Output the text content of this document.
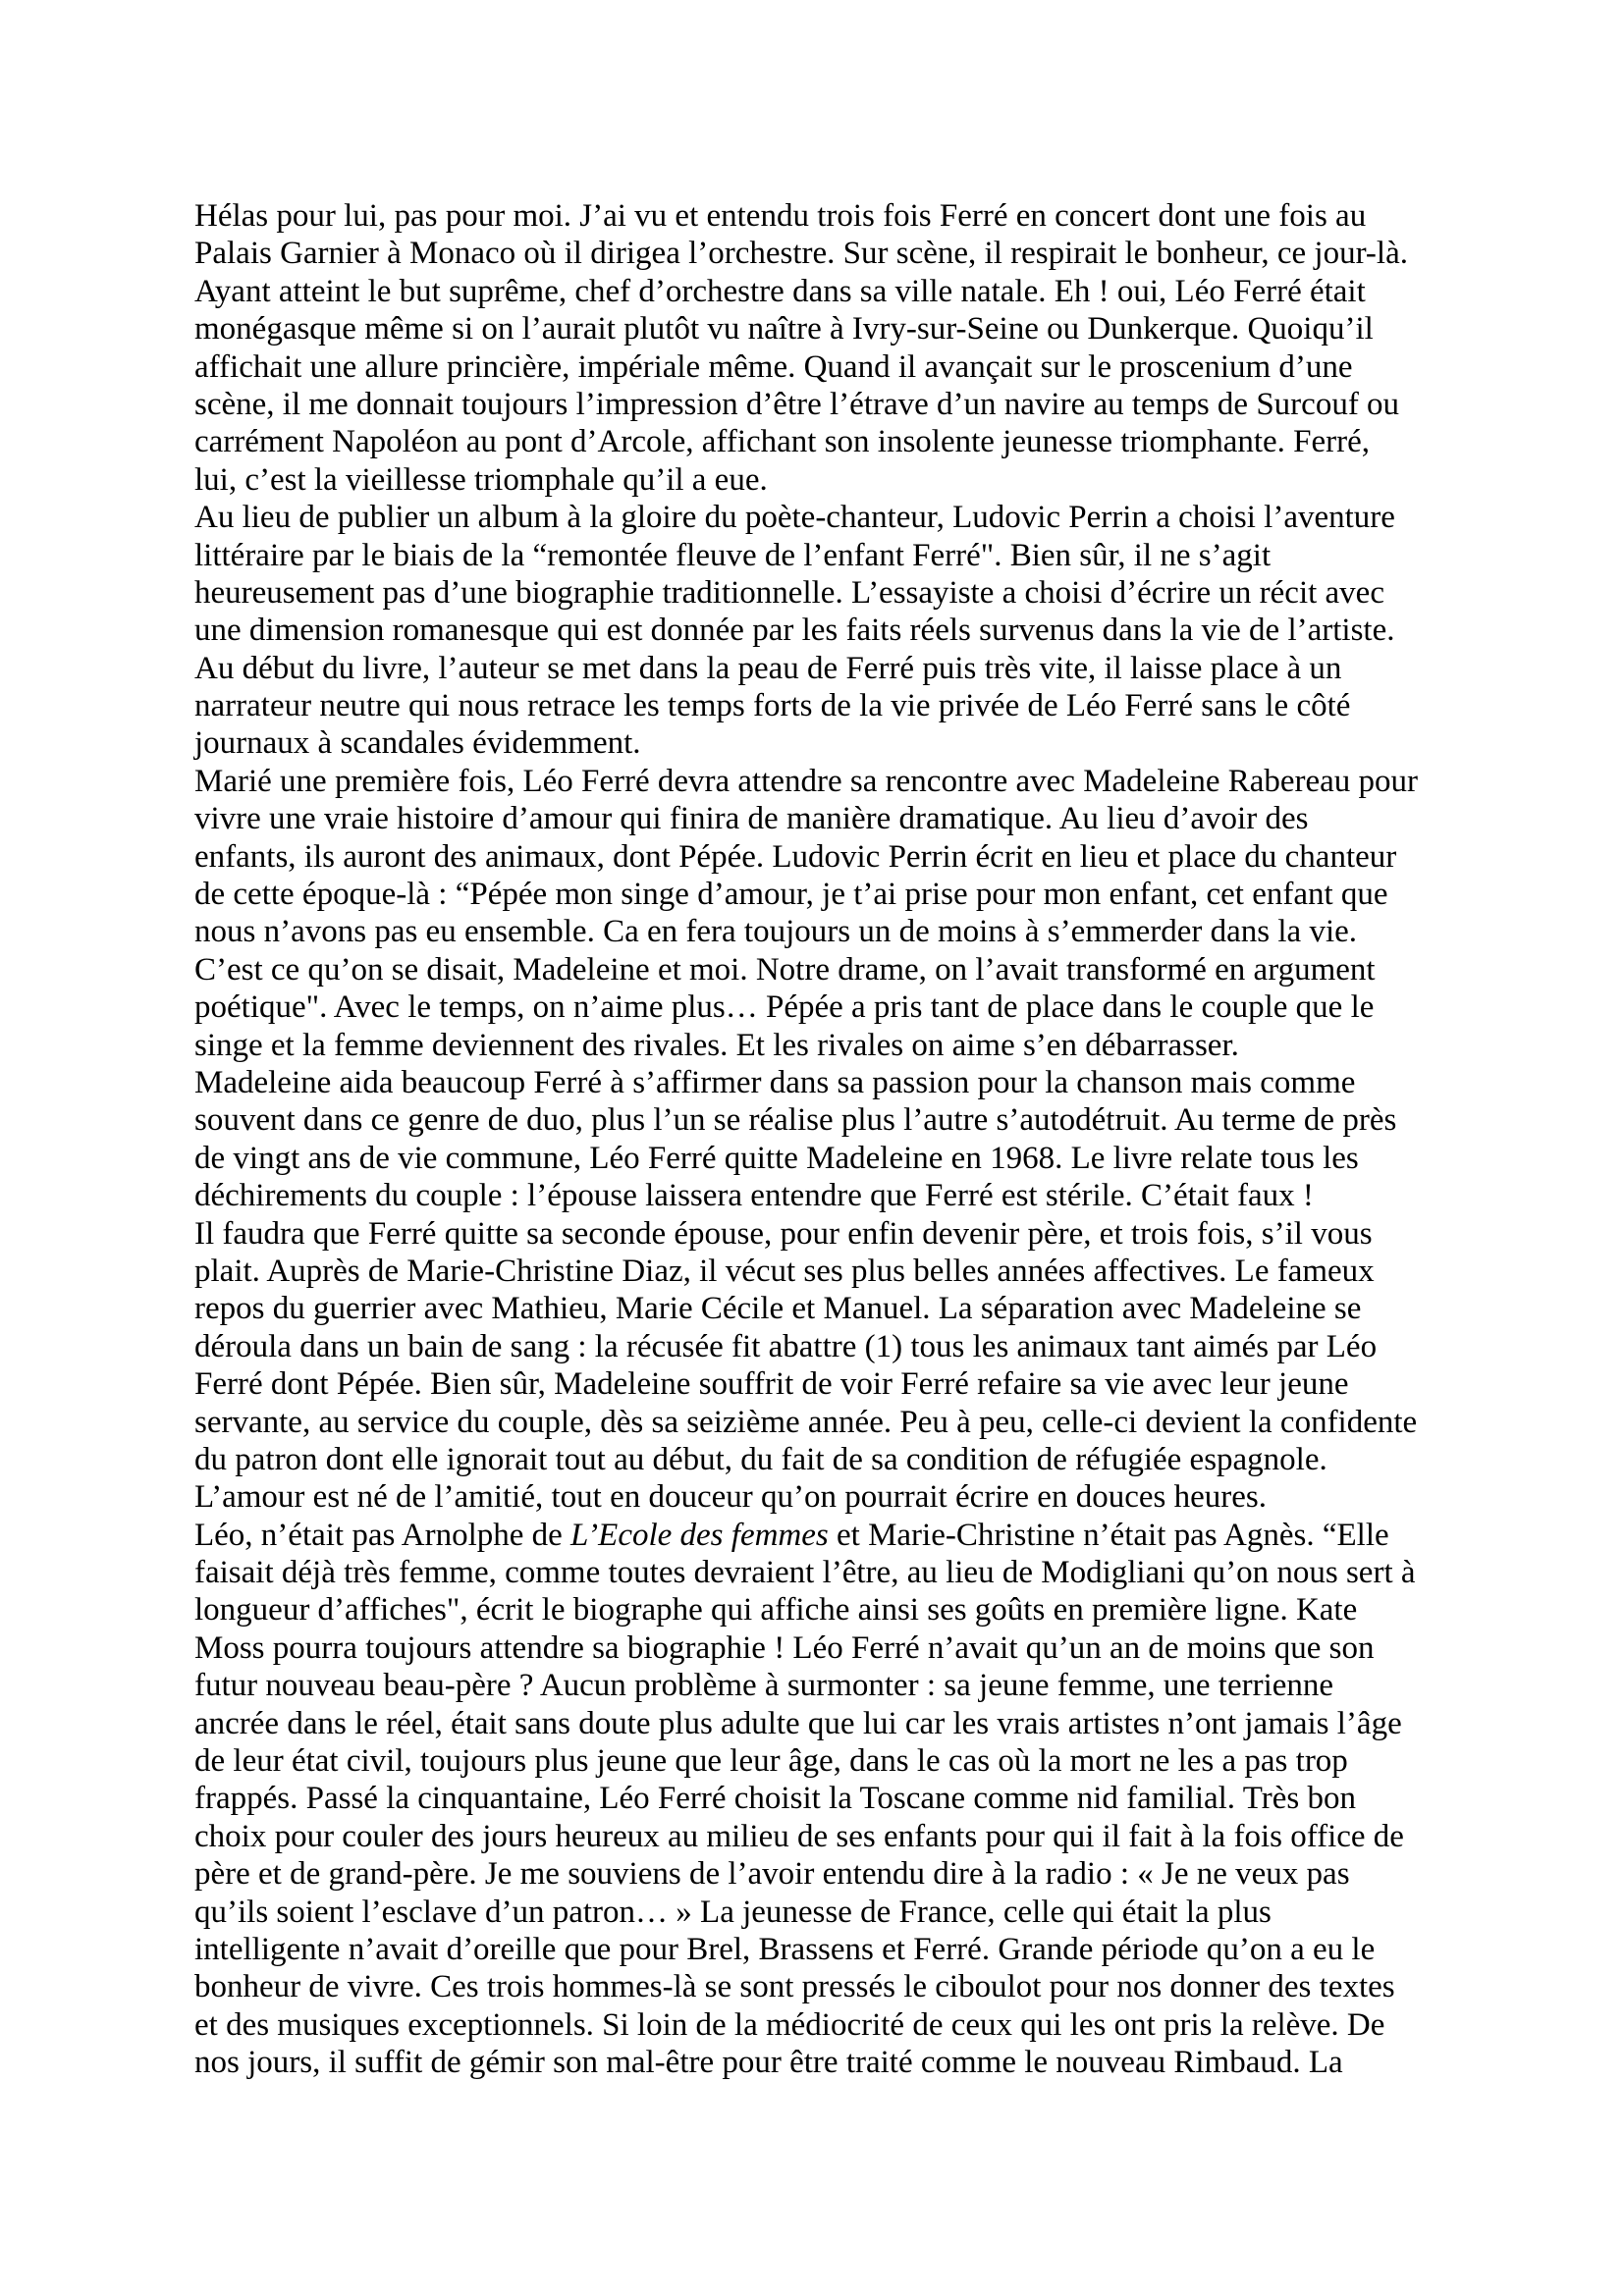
Hélas pour lui, pas pour moi. J’ai vu et entendu trois fois Ferré en concert dont une fois au
Palais Garnier à Monaco où il dirigea l’orchestre. Sur scène, il respirait le bonheur, ce jour-là.
Ayant atteint le but suprême, chef d’orchestre dans sa ville natale. Eh ! oui, Léo Ferré était
monégasque même si on l’aurait plutôt vu naître à Ivry-sur-Seine ou Dunkerque. Quoiqu’il
affichait une allure princière, impériale même. Quand il avançait sur le proscenium d’une
scène, il me donnait toujours l’impression d’être l’étrave d’un navire au temps de Surcouf ou
carrément Napoléon au pont d’Arcole, affichant son insolente jeunesse triomphante. Ferré,
lui, c’est la vieillesse triomphale qu’il a eue.
Au lieu de publier un album à la gloire du poète-chanteur, Ludovic Perrin a choisi l’aventure
littéraire par le biais de la “remontée fleuve de l’enfant Ferré". Bien sûr, il ne s’agit
heureusement pas d’une biographie traditionnelle. L’essayiste a choisi d’écrire un récit avec
une dimension romanesque qui est donnée par les faits réels survenus dans la vie de l’artiste.
Au début du livre, l’auteur se met dans la peau de Ferré puis très vite, il laisse place à un
narrateur neutre qui nous retrace les temps forts de la vie privée de Léo Ferré sans le côté
journaux à scandales évidemment.
Marié une première fois, Léo Ferré devra attendre sa rencontre avec Madeleine Rabereau pour
vivre une vraie histoire d’amour qui finira de manière dramatique. Au lieu d’avoir des
enfants, ils auront des animaux, dont Pépée. Ludovic Perrin écrit en lieu et place du chanteur
de cette époque-là : “Pépée mon singe d’amour, je t’ai prise pour mon enfant, cet enfant que
nous n’avons pas eu ensemble. Ca en fera toujours un de moins à s’emmerder dans la vie.
C’est ce qu’on se disait, Madeleine et moi. Notre drame, on l’avait transformé en argument
poétique". Avec le temps, on n’aime plus… Pépée a pris tant de place dans le couple que le
singe et la femme deviennent des rivales. Et les rivales on aime s’en débarrasser.
Madeleine aida beaucoup Ferré à s’affirmer dans sa passion pour la chanson mais comme
souvent dans ce genre de duo, plus l’un se réalise plus l’autre s’autodétruit. Au terme de près
de vingt ans de vie commune, Léo Ferré quitte Madeleine en 1968. Le livre relate tous les
déchirements du couple : l’épouse laissera entendre que Ferré est stérile. C’était faux !
Il faudra que Ferré quitte sa seconde épouse, pour enfin devenir père, et trois fois, s’il vous
plait. Auprès de Marie-Christine Diaz, il vécut ses plus belles années affectives. Le fameux
repos du guerrier avec Mathieu, Marie Cécile et Manuel. La séparation avec Madeleine se
déroula dans un bain de sang : la récusée fit abattre (1) tous les animaux tant aimés par Léo
Ferré dont Pépée. Bien sûr, Madeleine souffrit de voir Ferré refaire sa vie avec leur jeune
servante, au service du couple, dès sa seizième année. Peu à peu, celle-ci devient la confidente
du patron dont elle ignorait tout au début, du fait de sa condition de réfugiée espagnole.
L’amour est né de l’amitié, tout en douceur qu’on pourrait écrire en douces heures.
Léo, n’était pas Arnolphe de L’Ecole des femmes et Marie-Christine n’était pas Agnès. “Elle
faisait déjà très femme, comme toutes devraient l’être, au lieu de Modigliani qu’on nous sert à
longueur d’affiches", écrit le biographe qui affiche ainsi ses goûts en première ligne. Kate
Moss pourra toujours attendre sa biographie ! Léo Ferré n’avait qu’un an de moins que son
futur nouveau beau-père ? Aucun problème à surmonter : sa jeune femme, une terrienne
ancrée dans le réel, était sans doute plus adulte que lui car les vrais artistes n’ont jamais l’âge
de leur état civil, toujours plus jeune que leur âge, dans le cas où la mort ne les a pas trop
frappés. Passé la cinquantaine, Léo Ferré choisit la Toscane comme nid familial. Très bon
choix pour couler des jours heureux au milieu de ses enfants pour qui il fait à la fois office de
père et de grand-père. Je me souviens de l’avoir entendu dire à la radio : « Je ne veux pas
qu’ils soient l’esclave d’un patron… » La jeunesse de France, celle qui était la plus
intelligente n’avait d’oreille que pour Brel, Brassens et Ferré. Grande période qu’on a eu le
bonheur de vivre. Ces trois hommes-là se sont pressés le ciboulot pour nos donner des textes
et des musiques exceptionnels. Si loin de la médiocrité de ceux qui les ont pris la relève. De
nos jours, il suffit de gémir son mal-être pour être traité comme le nouveau Rimbaud. La
